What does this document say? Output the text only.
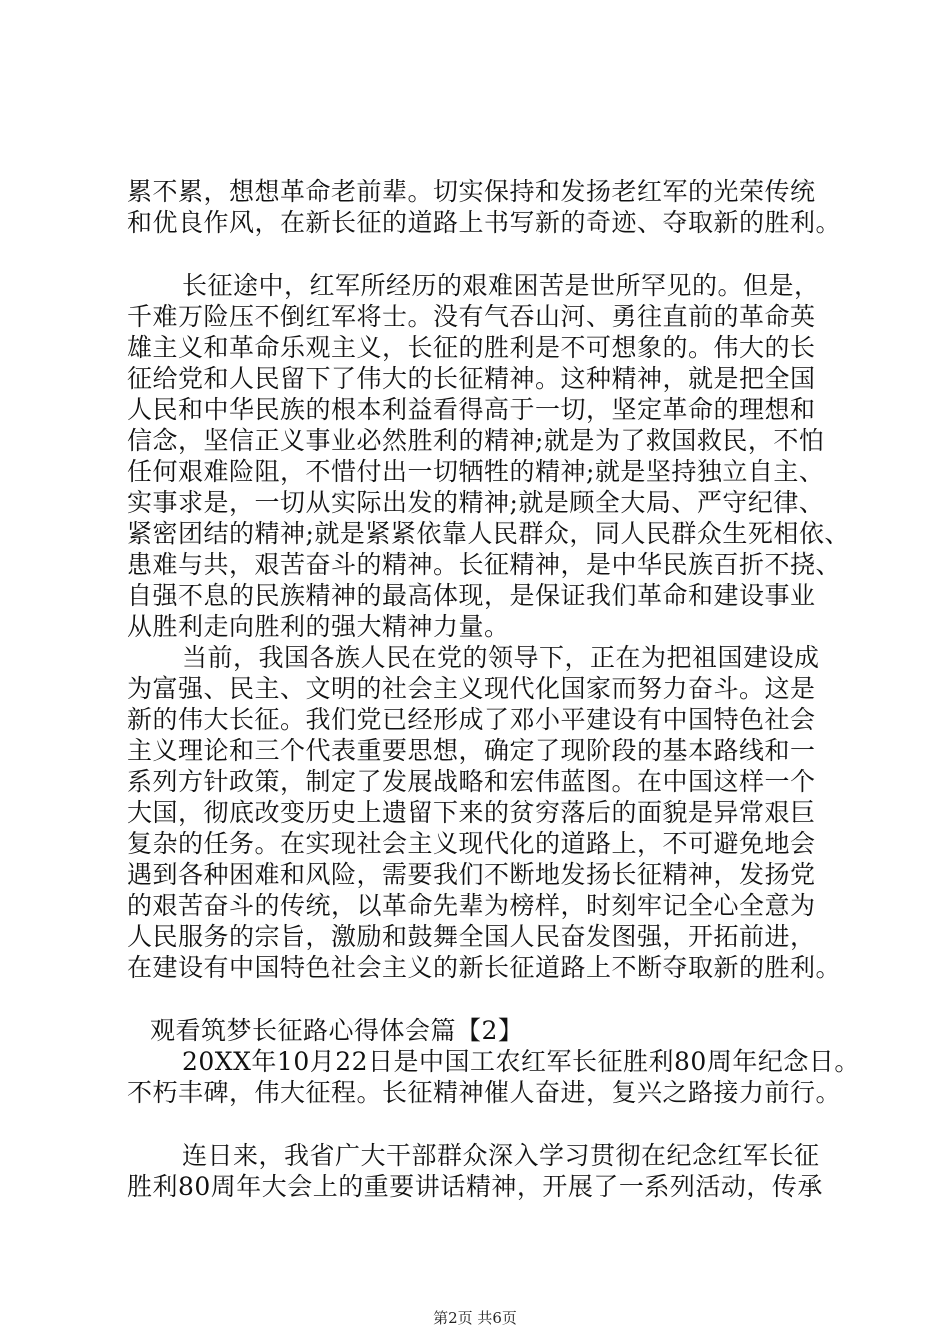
累不累，想想革命老前辈。切实保持和发扬老红军的光荣传统
和优良作风，在新长征的道路上书写新的奇迹、夺取新的胜利。
长征途中，红军所经历的艰难困苦是世所罕见的。但是，
千难万险压不倒红军将士。没有气吞山河、勇往直前的革命英
雄主义和革命乐观主义，长征的胜利是不可想象的。伟大的长
征给党和人民留下了伟大的长征精神。这种精神，就是把全国
人民和中华民族的根本利益看得高于一切，坚定革命的理想和
信念，坚信正义事业必然胜利的精神;就是为了救国救民，不怕
任何艰难险阻，不惜付出一切牺牲的精神;就是坚持独立自主、
实事求是，一切从实际出发的精神;就是顾全大局、严守纪律、
紧密团结的精神;就是紧紧依靠人民群众，同人民群众生死相依、
患难与共，艰苦奋斗的精神。长征精神，是中华民族百折不挠、
自强不息的民族精神的最高体现，是保证我们革命和建设事业
从胜利走向胜利的强大精神力量。
当前，我国各族人民在党的领导下，正在为把祖国建设成
为富强、民主、文明的社会主义现代化国家而努力奋斗。这是
新的伟大长征。我们党已经形成了邓小平建设有中国特色社会
主义理论和三个代表重要思想，确定了现阶段的基本路线和一
系列方针政策，制定了发展战略和宏伟蓝图。在中国这样一个
大国，彻底改变历史上遗留下来的贫穷落后的面貌是异常艰巨
复杂的任务。在实现社会主义现代化的道路上，不可避免地会
遇到各种困难和风险，需要我们不断地发扬长征精神，发扬党
的艰苦奋斗的传统，以革命先辈为榜样，时刻牢记全心全意为
人民服务的宗旨，激励和鼓舞全国人民奋发图强，开拓前进，
在建设有中国特色社会主义的新长征道路上不断夺取新的胜利。
观看筑梦长征路心得体会篇【2】
20XX年10月22日是中国工农红军长征胜利80周年纪念日。
不朽丰碑，伟大征程。长征精神催人奋进，复兴之路接力前行。
连日来，我省广大干部群众深入学习贯彻在纪念红军长征
胜利80周年大会上的重要讲话精神，开展了一系列活动，传承
第2页 共6页
